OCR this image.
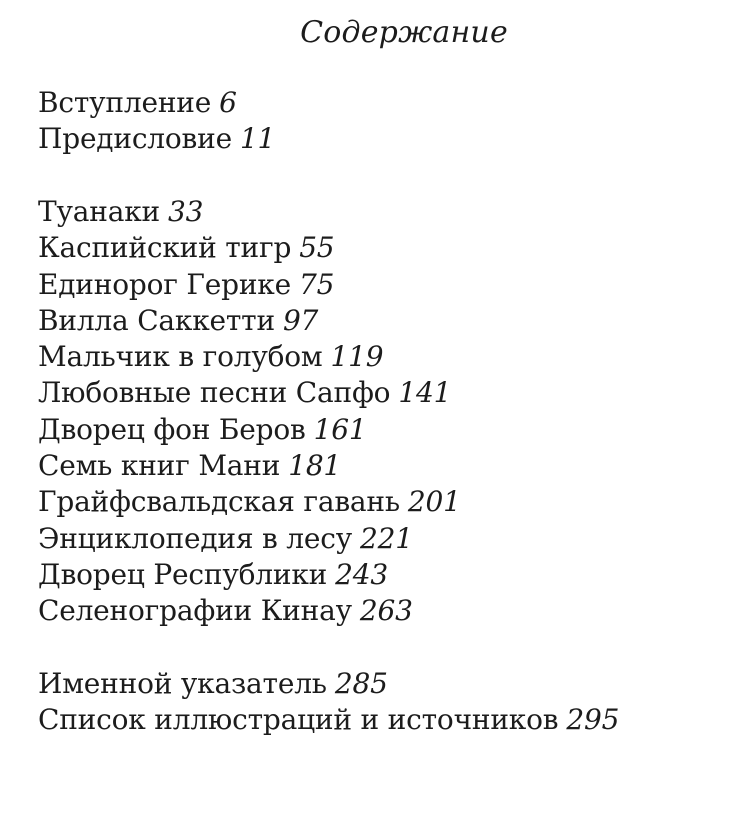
Содержание
Вступление 6
Предисловие 11
Туанаки 33
Каспийский тигр 55
Единорог Герике 75
Вилла Саккетти 97
Мальчик в голубом 119
Любовные песни Сапфо 141
Дворец фон Беров 161
Семь книг Мани 181
Грайфсвальдская гавань 201
Энциклопедия в лесу 221
Дворец Республики 243
Селенографии Кинау 263
Именной указатель 285
Список иллюстраций и источников 295
